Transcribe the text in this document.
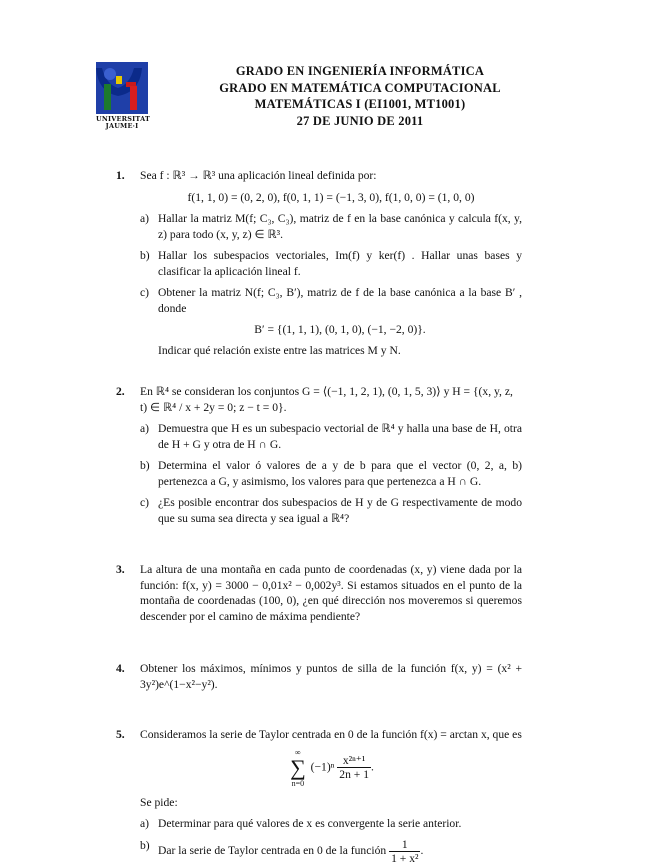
UNIVERSITAT
JAUME·I
GRADO EN INGENIERÍA INFORMÁTICA
GRADO EN MATEMÁTICA COMPUTACIONAL
MATEMÁTICAS I (EI1001, MT1001)
27 DE JUNIO DE 2011
1. Sea f : ℝ³ → ℝ³ una aplicación lineal definida por:
f(1, 1, 0) = (0, 2, 0), f(0, 1, 1) = (−1, 3, 0), f(1, 0, 0) = (1, 0, 0)
a) Hallar la matriz M(f; C₃, C₃), matriz de f en la base canónica y calcula f(x, y, z) para todo (x, y, z) ∈ ℝ³.
b) Hallar los subespacios vectoriales, Im(f) y ker(f) . Hallar unas bases y clasificar la aplicación lineal f.
c) Obtener la matriz N(f; C₃, B′), matriz de f de la base canónica a la base B′ , donde
B′ = {(1, 1, 1), (0, 1, 0), (−1, −2, 0)}.
Indicar qué relación existe entre las matrices M y N.
2. En ℝ⁴ se consideran los conjuntos G = ⟨(−1, 1, 2, 1), (0, 1, 5, 3)⟩ y H = {(x, y, z, t) ∈ ℝ⁴ / x + 2y = 0; z − t = 0}.
a) Demuestra que H es un subespacio vectorial de ℝ⁴ y halla una base de H, otra de H + G y otra de H ∩ G.
b) Determina el valor ó valores de a y de b para que el vector (0, 2, a, b) pertenezca a G, y asimismo, los valores para que pertenezca a H ∩ G.
c) ¿Es posible encontrar dos subespacios de H y de G respectivamente de modo que su suma sea directa y sea igual a ℝ⁴?
3. La altura de una montaña en cada punto de coordenadas (x, y) viene dada por la función: f(x, y) = 3000 − 0,01x² − 0,002y³. Si estamos situados en el punto de la montaña de coordenadas (100, 0), ¿en qué dirección nos moveremos si queremos descender por el camino de máxima pendiente?
4. Obtener los máximos, mínimos y puntos de silla de la función f(x, y) = (x² + 3y²)e^(1−x²−y²).
5. Consideramos la serie de Taylor centrada en 0 de la función f(x) = arctan x, que es
∞
∑
n=0
$(-1)^n \frac{\text{x²ⁿ⁺¹}}{2n + 1}$ .
Se pide:
a) Determinar para qué valores de x es convergente la serie anterior.
b) Dar la serie de Taylor centrada en 0 de la función $\frac{1}{\text{1 + x²}}$ .
